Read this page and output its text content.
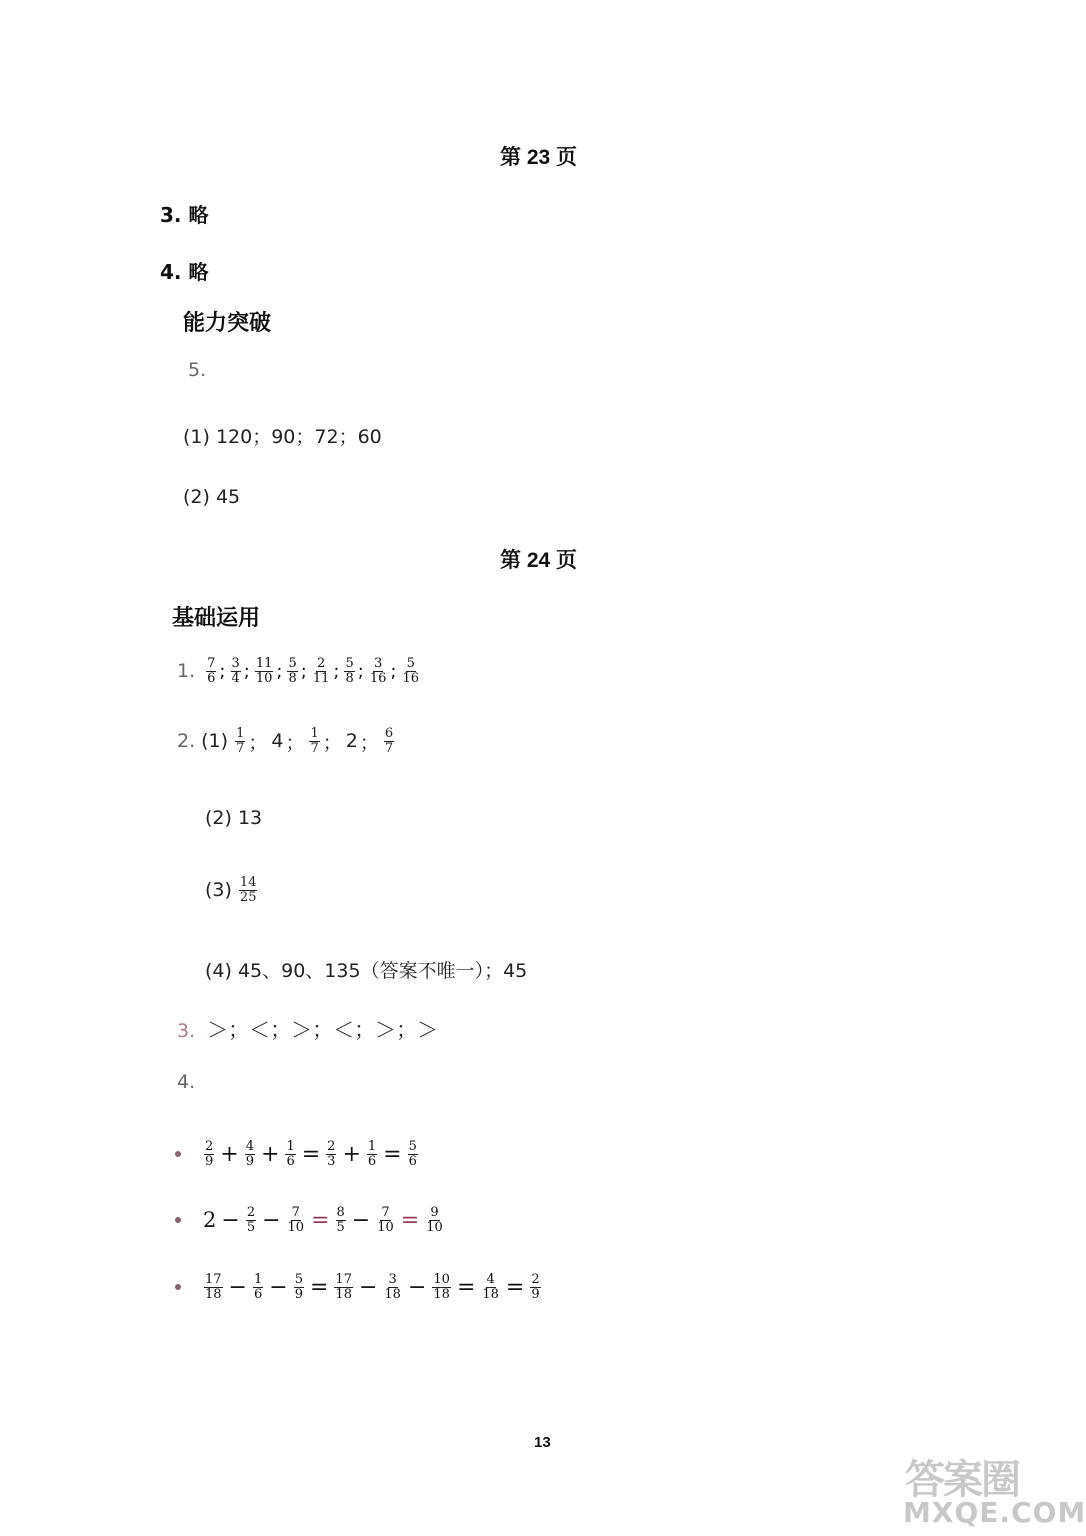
第 23 页
3. 略
4. 略
能力突破
5.
(1) 120；90；72；60
(2) 45
第 24 页
基础运用
1. $\frac{7}{6}$ ; $\frac{3}{4}$ ; $\frac{11}{10}$ ; $\frac{5}{8}$ ; $\frac{2}{11}$ ; $\frac{5}{8}$ ; $\frac{3}{16}$ ; $\frac{5}{16}$
2. $(1) \frac{1}{7}$ ； 4 ； $\frac{1}{7}$ ； 2 ； $\frac{6}{7}$
(2) 13
$(3) \frac{14}{25}$
(4) 45、90、135（答案不唯一）；45
3. ＞；＜；＞；＜；＞；＞
4.
$\frac{2}{9} + \frac{4}{9} + \frac{1}{6} = \frac{2}{3} + \frac{1}{6} = \frac{5}{6}$
$2 - \frac{2}{5} - \frac{7}{10} = \frac{8}{5} - \frac{7}{10} = \frac{9}{10}$
$\frac{17}{18} - \frac{1}{6} - \frac{5}{9} = \frac{17}{18} - \frac{3}{18} - \frac{10}{18} = \frac{4}{18} = \frac{2}{9}$
13
答案圈
MXQE.COM
